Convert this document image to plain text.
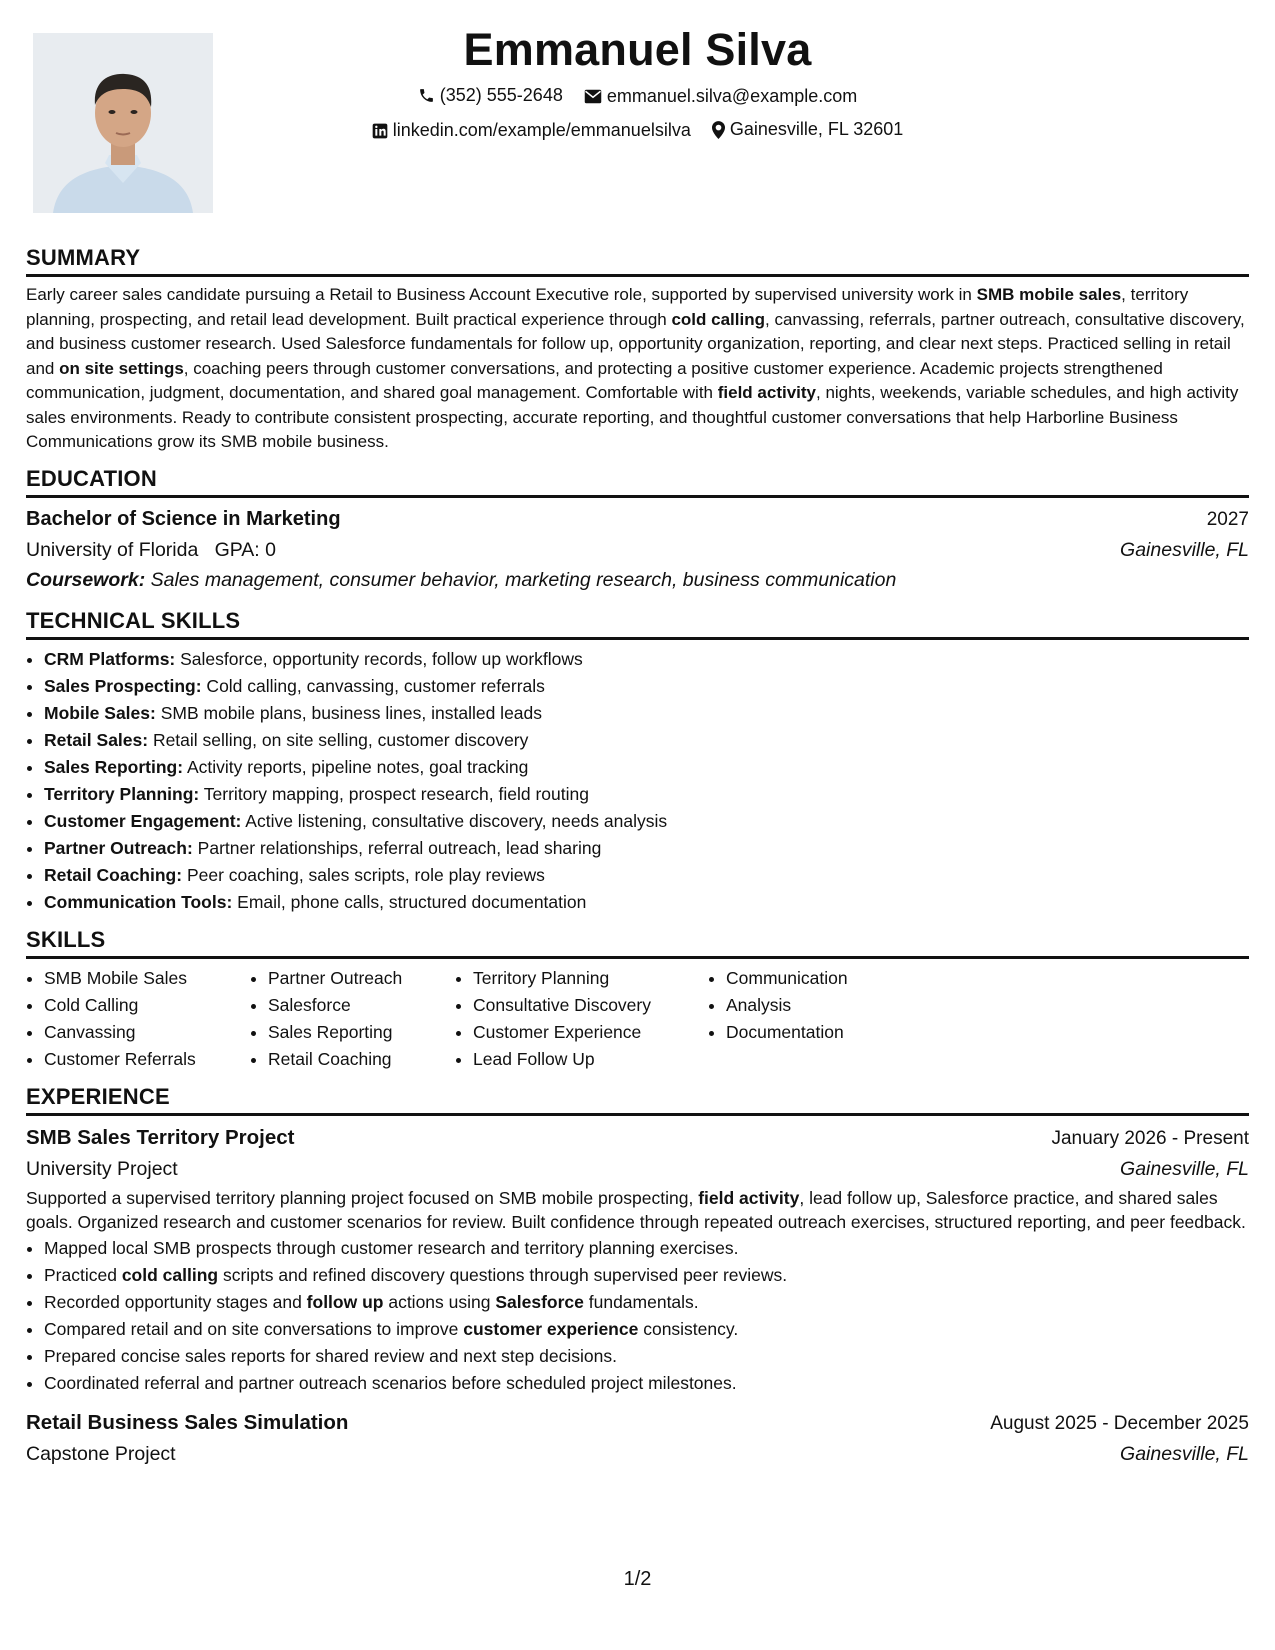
Emmanuel Silva
(352) 555-2648
emmanuel.silva@example.com
linkedin.com/example/emmanuelsilva
Gainesville, FL 32601
SUMMARY
Early career sales candidate pursuing a Retail to Business Account Executive role, supported by supervised university work in SMB mobile sales, territory planning, prospecting, and retail lead development. Built practical experience through cold calling, canvassing, referrals, partner outreach, consultative discovery, and business customer research. Used Salesforce fundamentals for follow up, opportunity organization, reporting, and clear next steps. Practiced selling in retail and on site settings, coaching peers through customer conversations, and protecting a positive customer experience. Academic projects strengthened communication, judgment, documentation, and shared goal management. Comfortable with field activity, nights, weekends, variable schedules, and high activity sales environments. Ready to contribute consistent prospecting, accurate reporting, and thoughtful customer conversations that help Harborline Business Communications grow its SMB mobile business.
EDUCATION
Bachelor of Science in Marketing	2027
University of Florida GPA: 0	Gainesville, FL
Coursework: Sales management, consumer behavior, marketing research, business communication
TECHNICAL SKILLS
• CRM Platforms: Salesforce, opportunity records, follow up workflows
• Sales Prospecting: Cold calling, canvassing, customer referrals
• Mobile Sales: SMB mobile plans, business lines, installed leads
• Retail Sales: Retail selling, on site selling, customer discovery
• Sales Reporting: Activity reports, pipeline notes, goal tracking
• Territory Planning: Territory mapping, prospect research, field routing
• Customer Engagement: Active listening, consultative discovery, needs analysis
• Partner Outreach: Partner relationships, referral outreach, lead sharing
• Retail Coaching: Peer coaching, sales scripts, role play reviews
• Communication Tools: Email, phone calls, structured documentation
SKILLS
• SMB Mobile Sales
• Cold Calling
• Canvassing
• Customer Referrals
• Partner Outreach
• Salesforce
• Sales Reporting
• Retail Coaching
• Territory Planning
• Consultative Discovery
• Customer Experience
• Lead Follow Up
• Communication
• Analysis
• Documentation
EXPERIENCE
SMB Sales Territory Project	January 2026 - Present
University Project	Gainesville, FL
Supported a supervised territory planning project focused on SMB mobile prospecting, field activity, lead follow up, Salesforce practice, and shared sales goals. Organized research and customer scenarios for review. Built confidence through repeated outreach exercises, structured reporting, and peer feedback.
• Mapped local SMB prospects through customer research and territory planning exercises.
• Practiced cold calling scripts and refined discovery questions through supervised peer reviews.
• Recorded opportunity stages and follow up actions using Salesforce fundamentals.
• Compared retail and on site conversations to improve customer experience consistency.
• Prepared concise sales reports for shared review and next step decisions.
• Coordinated referral and partner outreach scenarios before scheduled project milestones.
Retail Business Sales Simulation	August 2025 - December 2025
Capstone Project	Gainesville, FL
1/2
